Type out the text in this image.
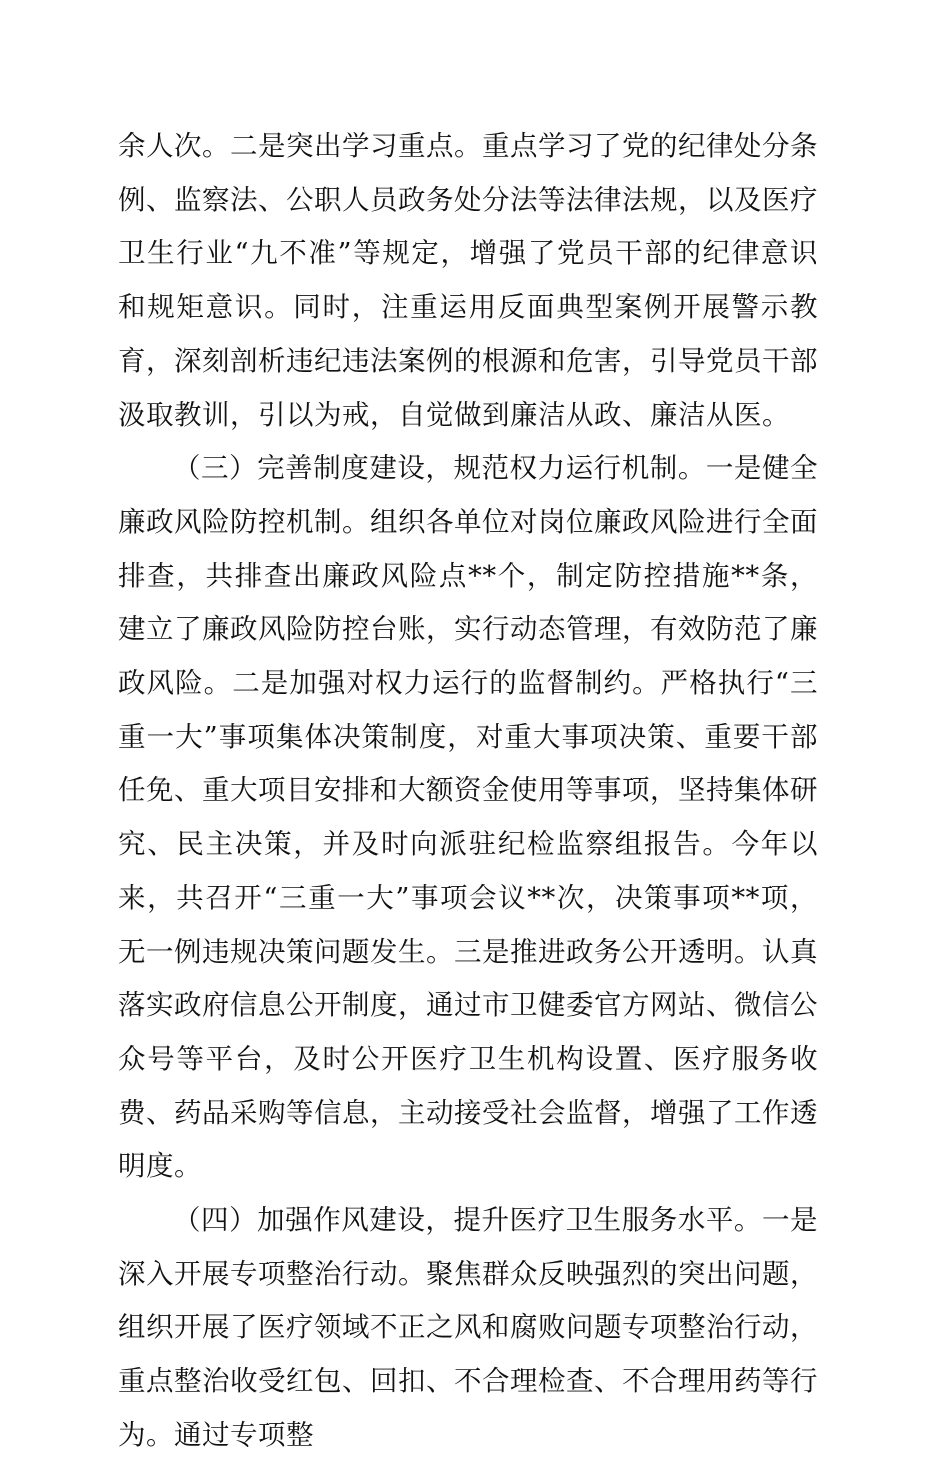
余人次。二是突出学习重点。重点学习了党的纪律处分条例、监察法、公职人员政务处分法等法律法规，以及医疗卫生行业“九不准”等规定，增强了党员干部的纪律意识和规矩意识。同时，注重运用反面典型案例开展警示教育，深刻剖析违纪违法案例的根源和危害，引导党员干部汲取教训，引以为戒，自觉做到廉洁从政、廉洁从医。

（三）完善制度建设，规范权力运行机制。一是健全廉政风险防控机制。组织各单位对岗位廉政风险进行全面排查，共排查出廉政风险点**个，制定防控措施**条，建立了廉政风险防控台账，实行动态管理，有效防范了廉政风险。二是加强对权力运行的监督制约。严格执行“三重一大”事项集体决策制度，对重大事项决策、重要干部任免、重大项目安排和大额资金使用等事项，坚持集体研究、民主决策，并及时向派驻纪检监察组报告。今年以来，共召开“三重一大”事项会议**次，决策事项**项，无一例违规决策问题发生。三是推进政务公开透明。认真落实政府信息公开制度，通过市卫健委官方网站、微信公众号等平台，及时公开医疗卫生机构设置、医疗服务收费、药品采购等信息，主动接受社会监督，增强了工作透明度。

（四）加强作风建设，提升医疗卫生服务水平。一是深入开展专项整治行动。聚焦群众反映强烈的突出问题，组织开展了医疗领域不正之风和腐败问题专项整治行动，重点整治收受红包、回扣、不合理检查、不合理用药等行为。通过专项整
